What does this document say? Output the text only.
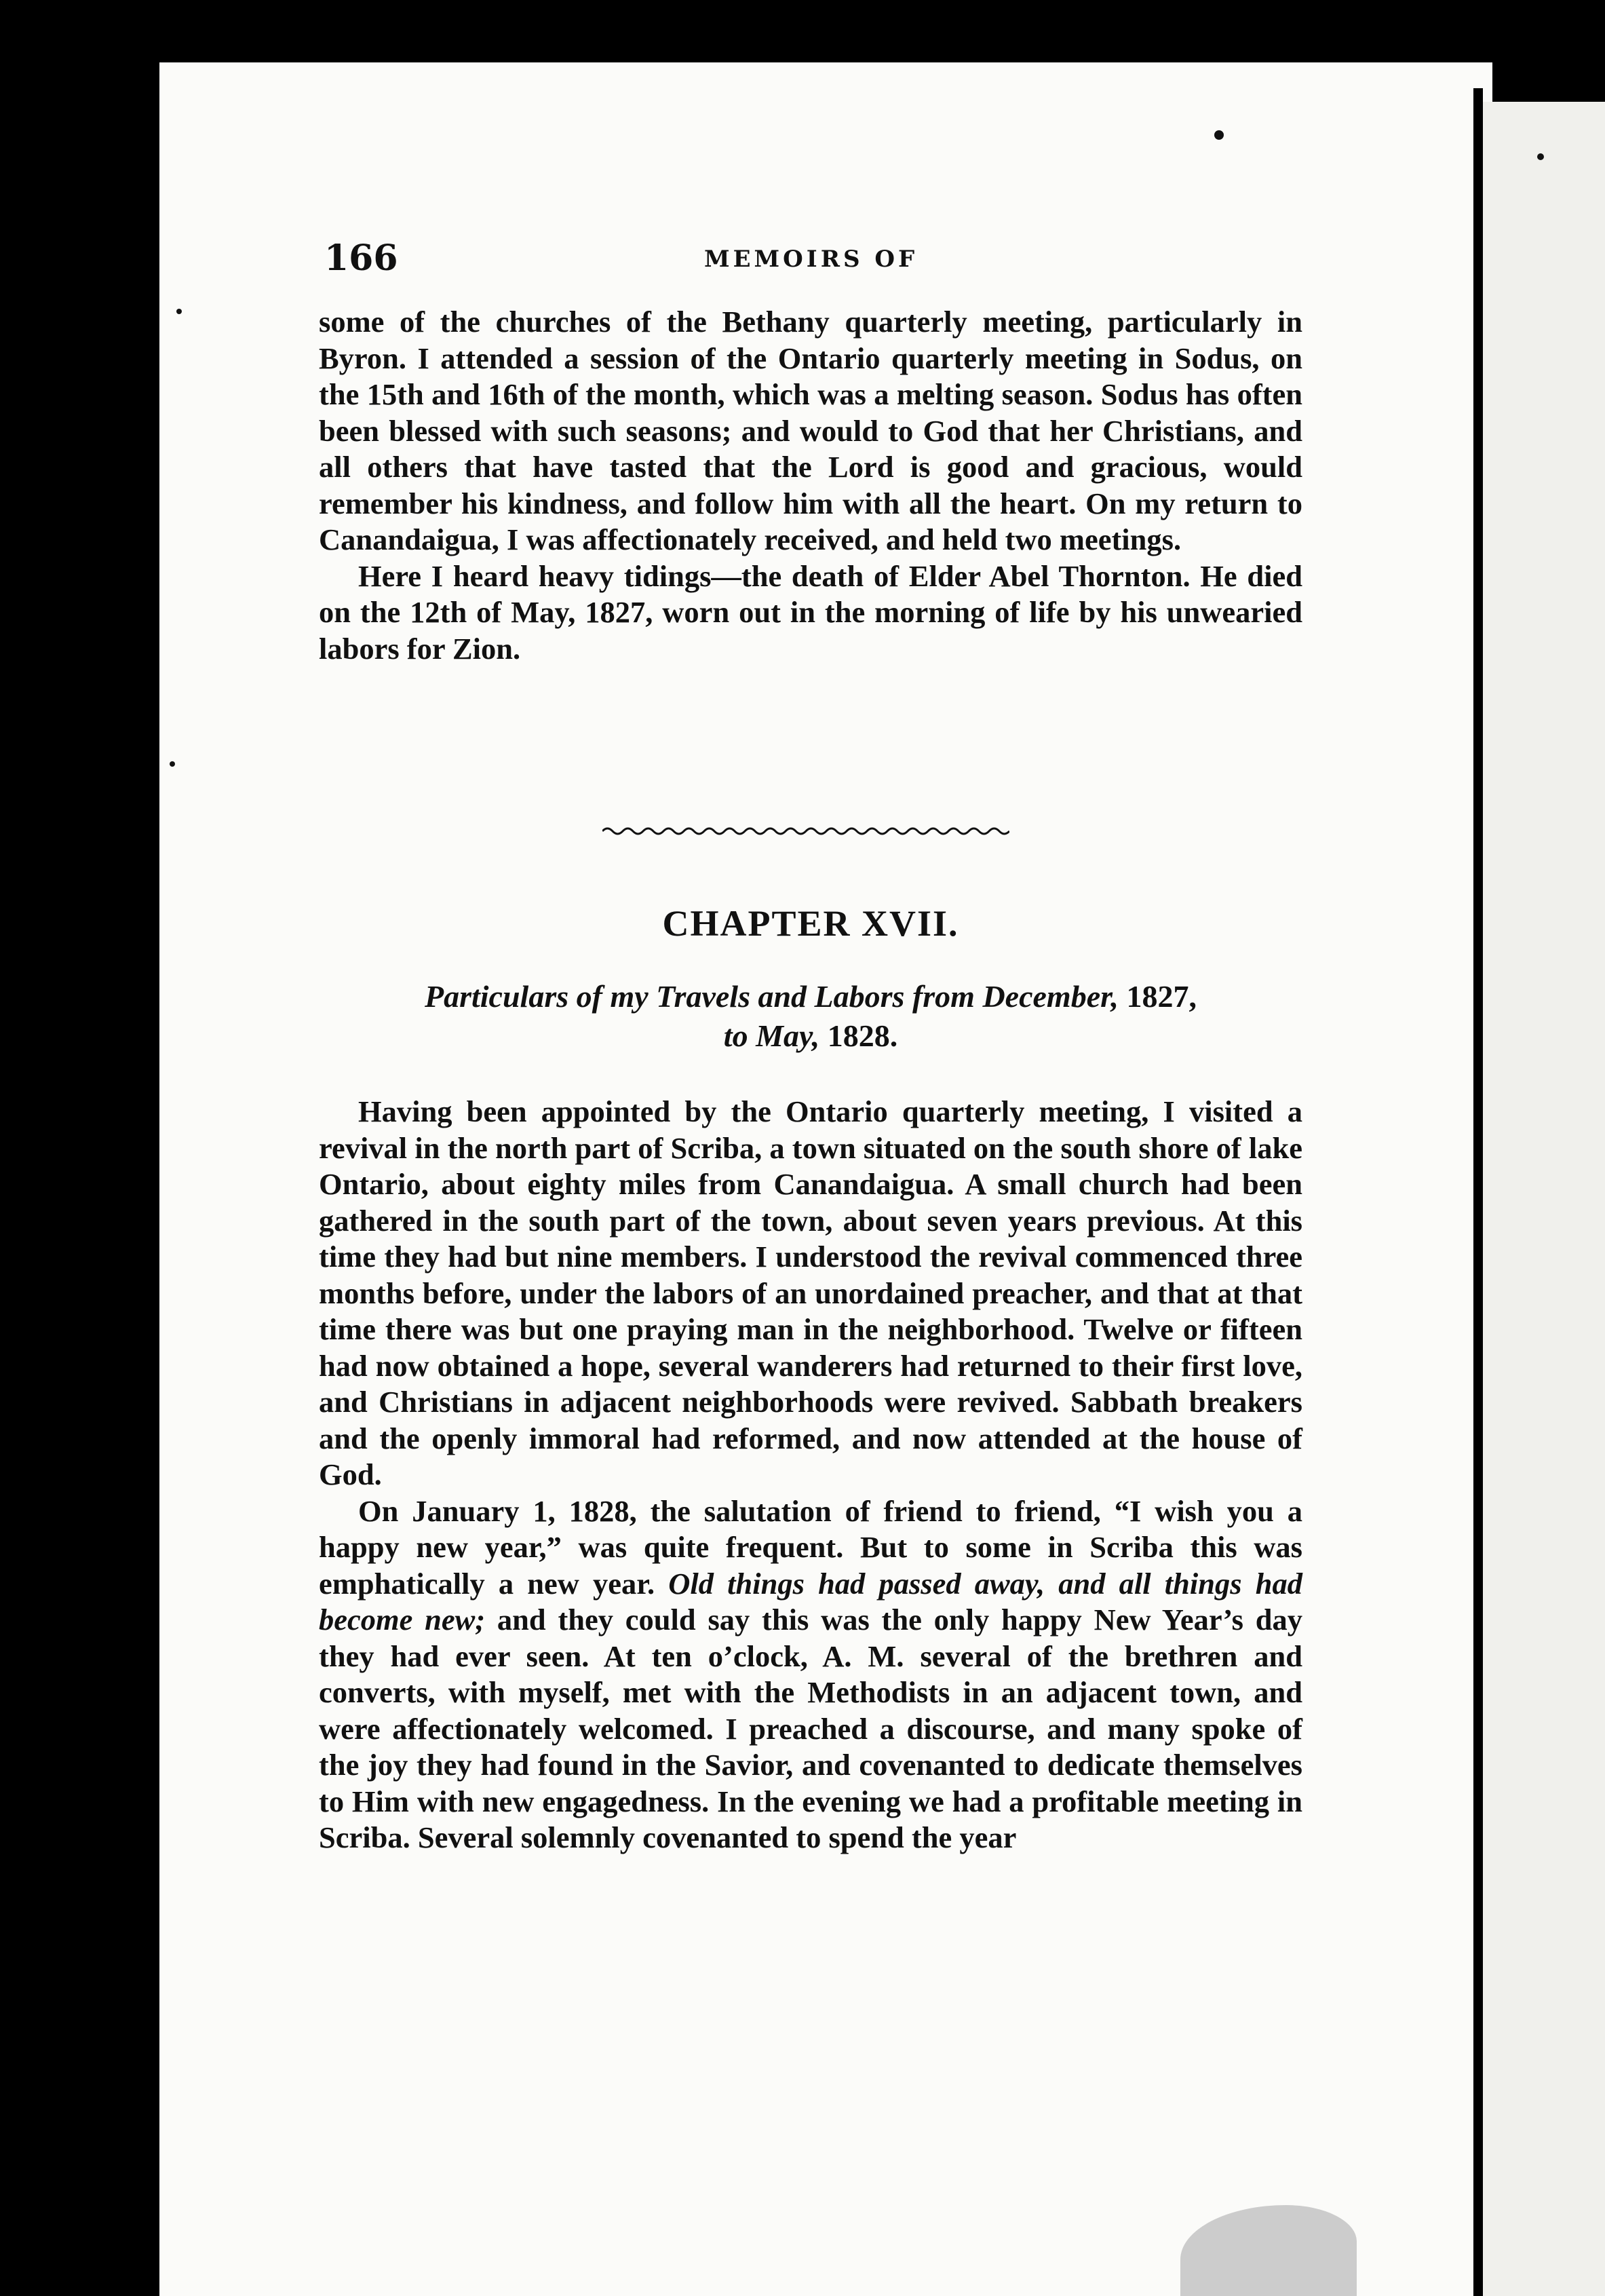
166	MEMOIRS OF

some of the churches of the Bethany quarterly meeting, particularly in Byron. I attended a session of the Ontario quarterly meeting in Sodus, on the 15th and 16th of the month, which was a melting season. Sodus has often been blessed with such seasons; and would to God that her Christians, and all others that have tasted that the Lord is good and gracious, would remember his kindness, and follow him with all the heart. On my return to Canandaigua, I was affectionately received, and held two meetings.

Here I heard heavy tidings—the death of Elder Abel Thornton. He died on the 12th of May, 1827, worn out in the morning of life by his unwearied labors for Zion.

CHAPTER XVII.
Particulars of my Travels and Labors from December, 1827,
to May, 1828.

Having been appointed by the Ontario quarterly meeting, I visited a revival in the north part of Scriba, a town situated on the south shore of lake Ontario, about eighty miles from Canandaigua. A small church had been gathered in the south part of the town, about seven years previous. At this time they had but nine members. I understood the revival commenced three months before, under the labors of an unordained preacher, and that at that time there was but one praying man in the neighborhood. Twelve or fifteen had now obtained a hope, several wanderers had returned to their first love, and Christians in adjacent neighborhoods were revived. Sabbath breakers and the openly immoral had reformed, and now attended at the house of God.

On January 1, 1828, the salutation of friend to friend, “I wish you a happy new year,” was quite frequent. But to some in Scriba this was emphatically a new year. Old things had passed away, and all things had become new; and they could say this was the only happy New Year’s day they had ever seen. At ten o’clock, A. M. several of the brethren and converts, with myself, met with the Methodists in an adjacent town, and were affectionately welcomed. I preached a discourse, and many spoke of the joy they had found in the Savior, and covenanted to dedicate themselves to Him with new engagedness. In the evening we had a profitable meeting in Scriba. Several solemnly covenanted to spend the year
